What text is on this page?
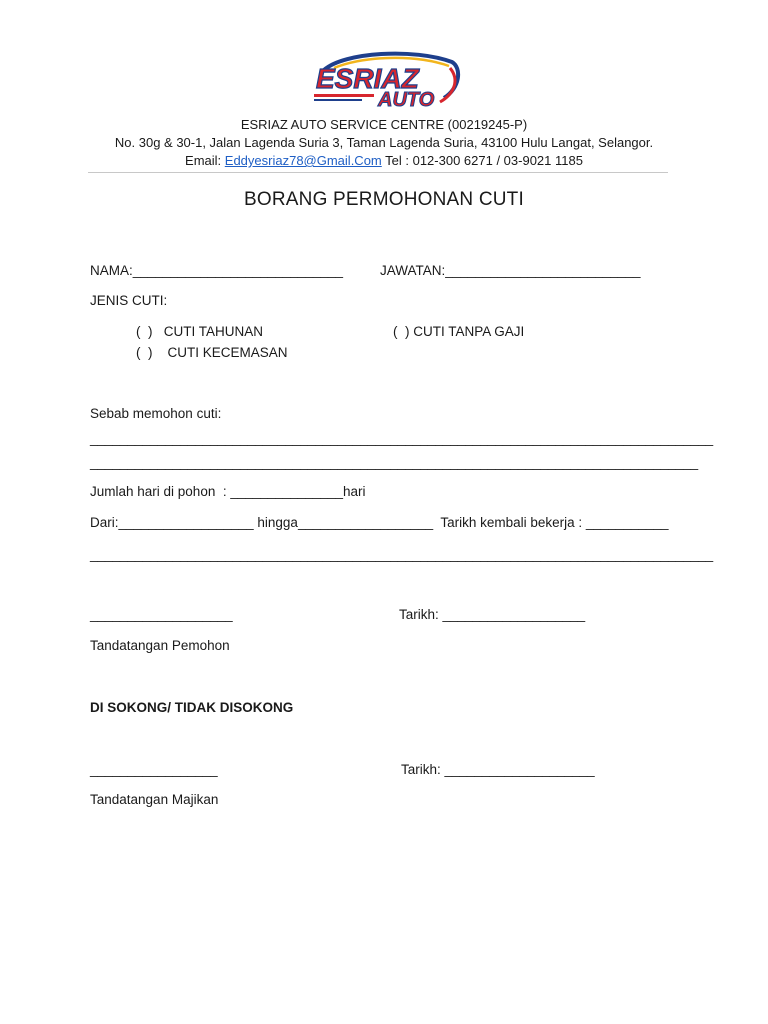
ESRIAZ
AUTO
ESRIAZ AUTO SERVICE CENTRE (00219245-P)
No. 30g & 30-1, Jalan Lagenda Suria 3, Taman Lagenda Suria, 43100 Hulu Langat, Selangor.
Email: Eddyesriaz78@Gmail.Com Tel : 012-300 6271 / 03-9021 1185
BORANG PERMOHONAN CUTI
NAMA:____________________________	JAWATAN:__________________________
JENIS CUTI:
(  )   CUTI TAHUNAN	(  ) CUTI TANPA GAJI
(  )    CUTI KECEMASAN
Sebab memohon cuti:
___________________________________________________________________________________
_________________________________________________________________________________
Jumlah hari di pohon  : _______________hari
Dari:__________________ hingga__________________  Tarikh kembali bekerja : ___________
___________________________________________________________________________________
___________________	Tarikh: ___________________
Tandatangan Pemohon
DI SOKONG/ TIDAK DISOKONG
_________________	Tarikh: ____________________
Tandatangan Majikan
